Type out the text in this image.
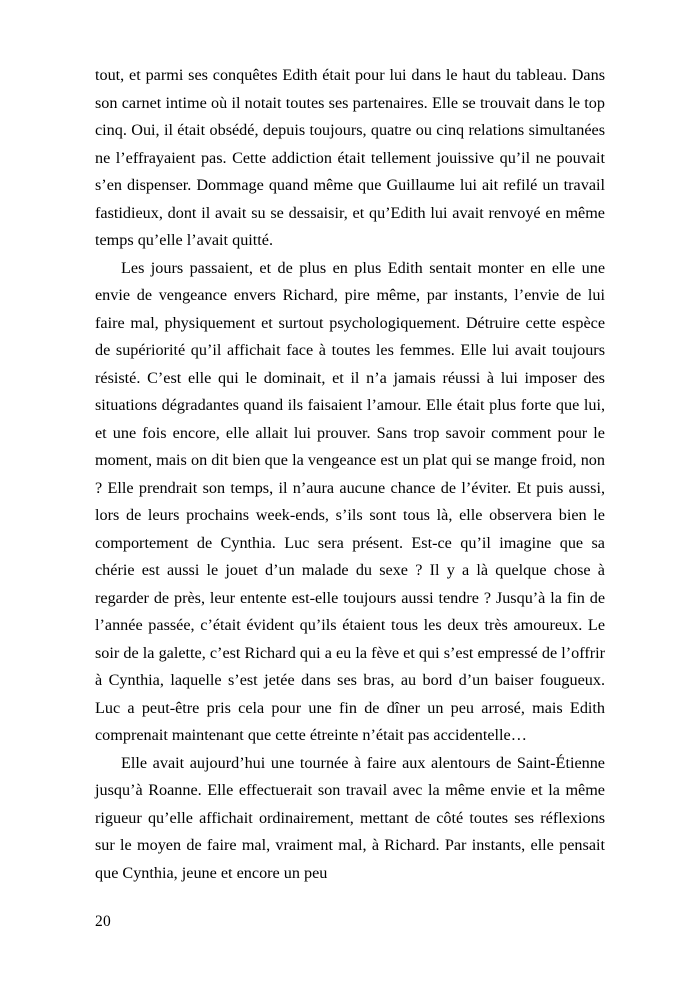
tout, et parmi ses conquêtes Edith était pour lui dans le haut du tableau. Dans son carnet intime où il notait toutes ses partenaires. Elle se trouvait dans le top cinq. Oui, il était obsédé, depuis toujours, quatre ou cinq relations simultanées ne l’effrayaient pas. Cette addiction était tellement jouissive qu’il ne pouvait s’en dispenser. Dommage quand même que Guillaume lui ait refilé un travail fastidieux, dont il avait su se dessaisir, et qu’Edith lui avait renvoyé en même temps qu’elle l’avait quitté.

Les jours passaient, et de plus en plus Edith sentait monter en elle une envie de vengeance envers Richard, pire même, par instants, l’envie de lui faire mal, physiquement et surtout psychologiquement. Détruire cette espèce de supériorité qu’il affichait face à toutes les femmes. Elle lui avait toujours résisté. C’est elle qui le dominait, et il n’a jamais réussi à lui imposer des situations dégradantes quand ils faisaient l’amour. Elle était plus forte que lui, et une fois encore, elle allait lui prouver. Sans trop savoir comment pour le moment, mais on dit bien que la vengeance est un plat qui se mange froid, non ? Elle prendrait son temps, il n’aura aucune chance de l’éviter. Et puis aussi, lors de leurs prochains week-ends, s’ils sont tous là, elle observera bien le comportement de Cynthia. Luc sera présent. Est-ce qu’il imagine que sa chérie est aussi le jouet d’un malade du sexe ? Il y a là quelque chose à regarder de près, leur entente est-elle toujours aussi tendre ? Jusqu’à la fin de l’année passée, c’était évident qu’ils étaient tous les deux très amoureux. Le soir de la galette, c’est Richard qui a eu la fève et qui s’est empressé de l’offrir à Cynthia, laquelle s’est jetée dans ses bras, au bord d’un baiser fougueux. Luc a peut-être pris cela pour une fin de dîner un peu arrosé, mais Edith comprenait maintenant que cette étreinte n’était pas accidentelle…

Elle avait aujourd’hui une tournée à faire aux alentours de Saint-Étienne jusqu’à Roanne. Elle effectuerait son travail avec la même envie et la même rigueur qu’elle affichait ordinairement, mettant de côté toutes ses réflexions sur le moyen de faire mal, vraiment mal, à Richard. Par instants, elle pensait que Cynthia, jeune et encore un peu

20
